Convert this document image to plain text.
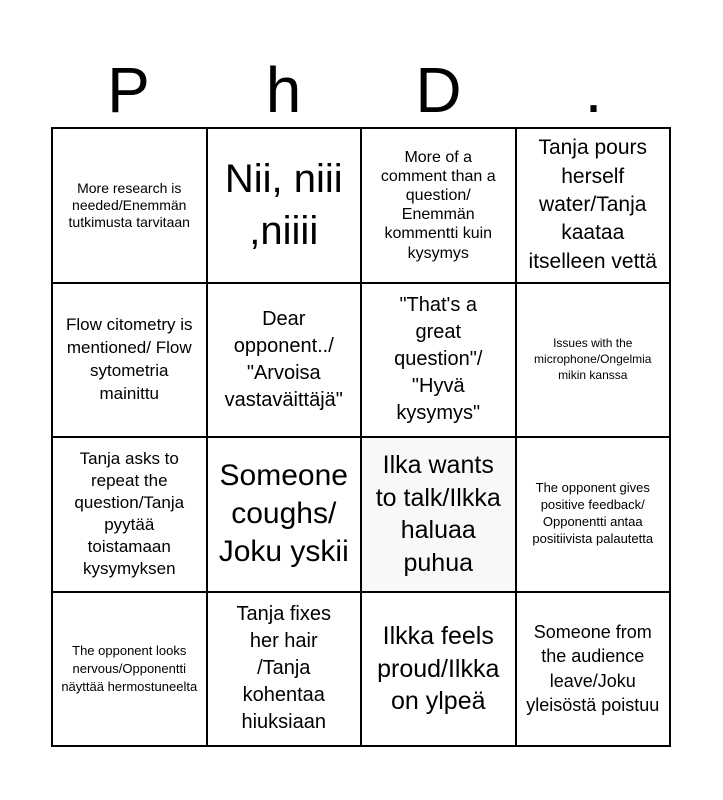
P	h	D	.
More research is needed/Enemmän tutkimusta tarvitaan
Nii, niii ,niiii
More of a comment than a question/ Enemmän kommentti kuin kysymys
Tanja pours herself water/Tanja kaataa itselleen vettä
Flow citometry is mentioned/ Flow sytometria mainittu
Dear opponent../ "Arvoisa vastaväittäjä"
"That's a great question"/ "Hyvä kysymys"
Issues with the microphone/Ongelmia mikin kanssa
Tanja asks to repeat the question/Tanja pyytää toistamaan kysymyksen
Someone coughs/ Joku yskii
Ilka wants to talk/Ilkka haluaa puhua
The opponent gives positive feedback/ Opponentti antaa positiivista palautetta
The opponent looks nervous/Opponentti näyttää hermostuneelta
Tanja fixes her hair /Tanja kohentaa hiuksiaan
Ilkka feels proud/Ilkka on ylpeä
Someone from the audience leave/Joku yleisöstä poistuu
